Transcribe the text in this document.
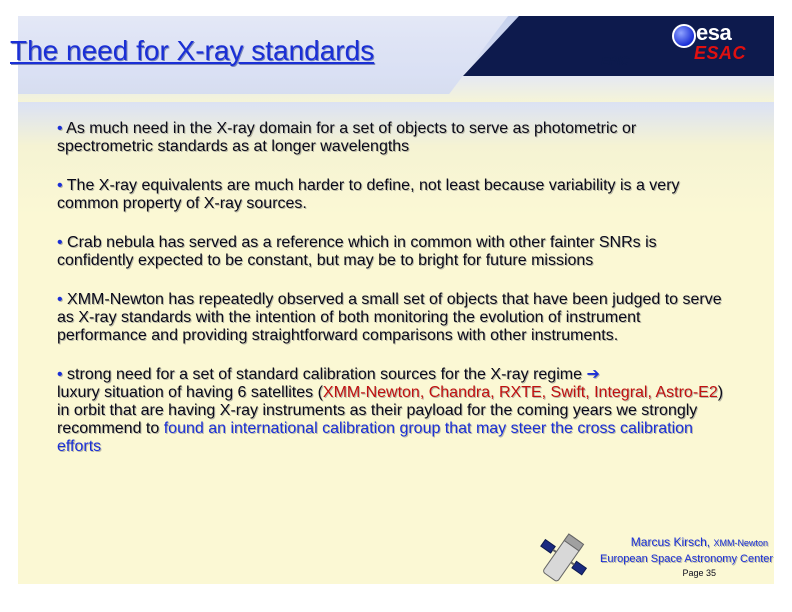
The need for X-ray standards	EPIC
esa
ESAC

• As much need in the X-ray domain for a set of objects to serve as photometric or spectrometric standards as at longer wavelengths

• The X-ray equivalents are much harder to define, not least because variability is a very common property of X-ray sources.

• Crab nebula has served as a reference which in common with other fainter SNRs is confidently expected to be constant, but may be to bright for future missions

• XMM-Newton has repeatedly observed a small set of objects that have been judged to serve as X-ray standards with the intention of both monitoring the evolution of instrument performance and providing straightforward comparisons with other instruments.

• strong need for a set of standard calibration sources for the X-ray regime ➔
luxury situation of having 6 satellites (XMM-Newton, Chandra, RXTE, Swift, Integral, Astro-E2) in orbit that are having X-ray instruments as their payload for the coming years we strongly recommend to found an international calibration group that may steer the cross calibration efforts

Marcus Kirsch, XMM-Newton
European Space Astronomy Center
Page 35
